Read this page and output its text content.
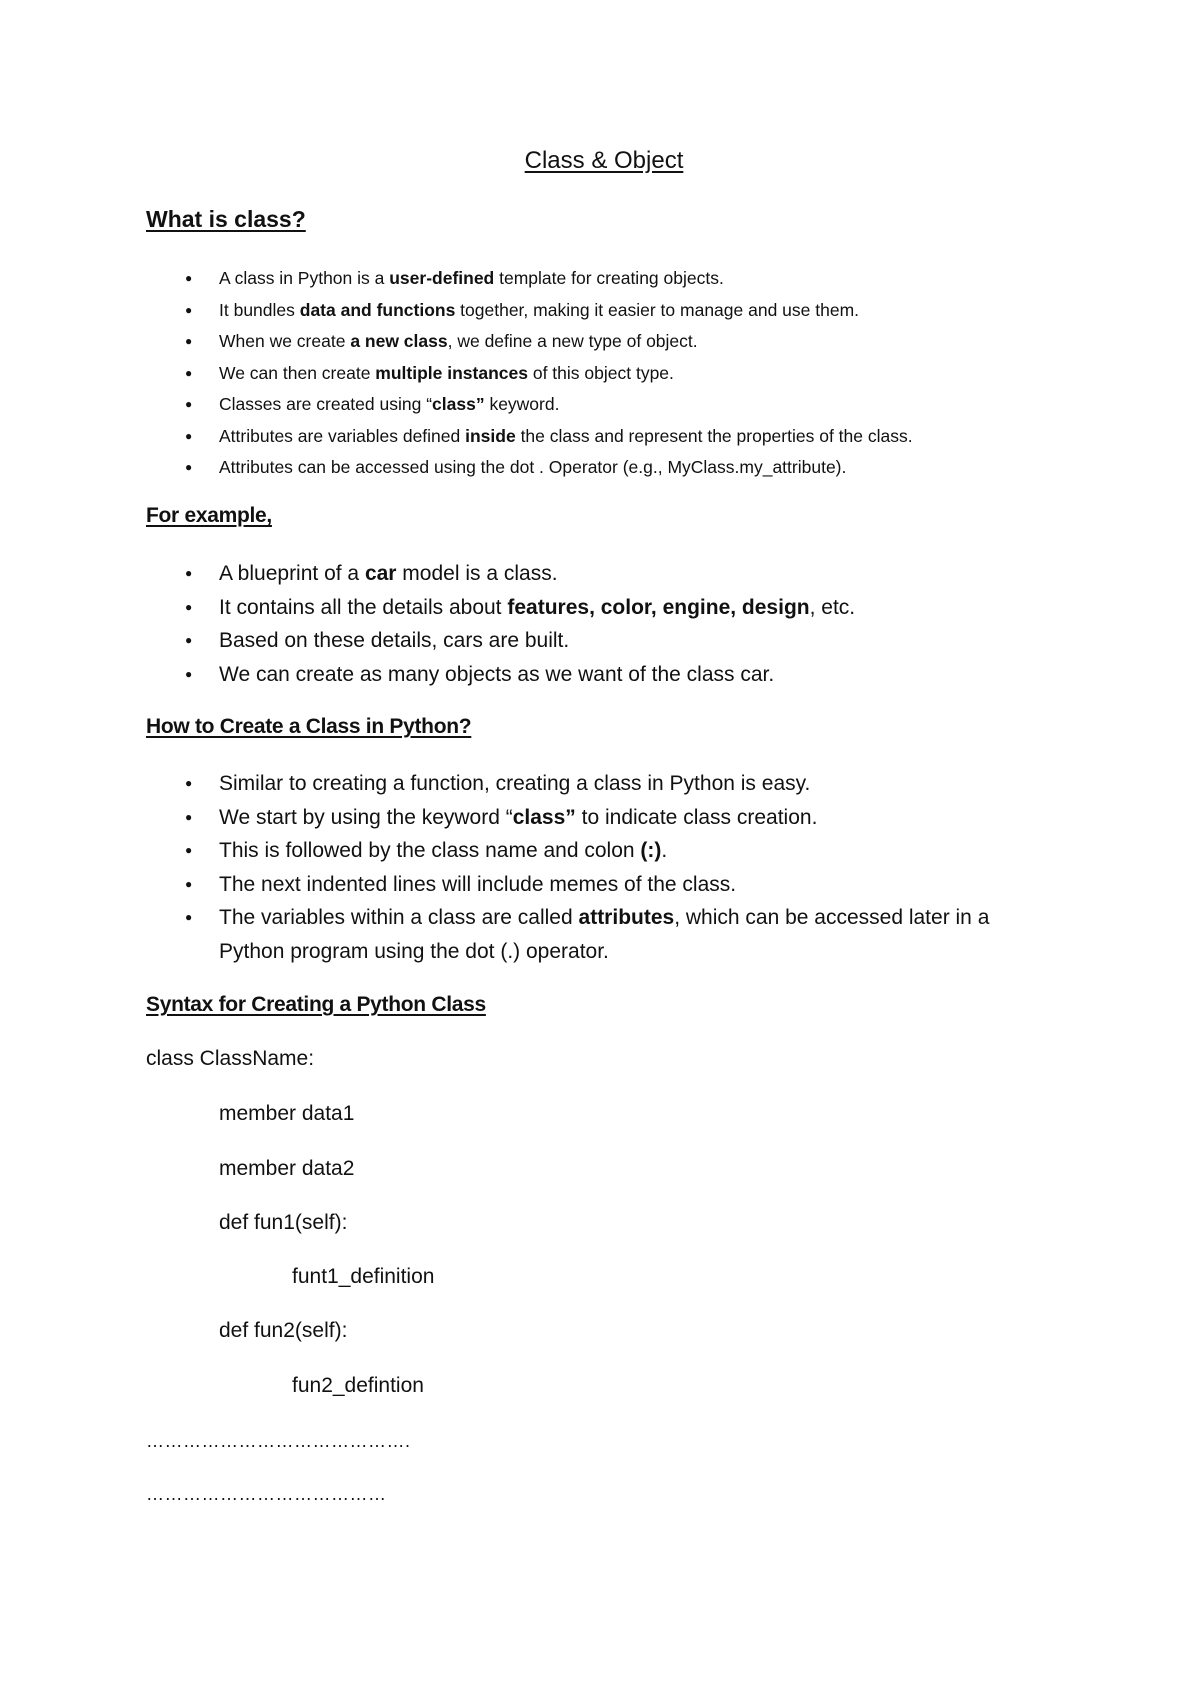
Class & Object
What is class?
● A class in Python is a user-defined template for creating objects.
● It bundles data and functions together, making it easier to manage and use them.
● When we create a new class, we define a new type of object.
● We can then create multiple instances of this object type.
● Classes are created using “class” keyword.
● Attributes are variables defined inside the class and represent the properties of the class.
● Attributes can be accessed using the dot . Operator (e.g., MyClass.my_attribute).
For example,
● A blueprint of a car model is a class.
● It contains all the details about features, color, engine, design, etc.
● Based on these details, cars are built.
● We can create as many objects as we want of the class car.
How to Create a Class in Python?
● Similar to creating a function, creating a class in Python is easy.
● We start by using the keyword “class” to indicate class creation.
● This is followed by the class name and colon (:).
● The next indented lines will include memes of the class.
● The variables within a class are called attributes, which can be accessed later in a Python program using the dot (.) operator.
Syntax for Creating a Python Class
class ClassName:
member data1
member data2
def fun1(self):
funt1_definition
def fun2(self):
fun2_defintion
…………………………………….
…………………………………
